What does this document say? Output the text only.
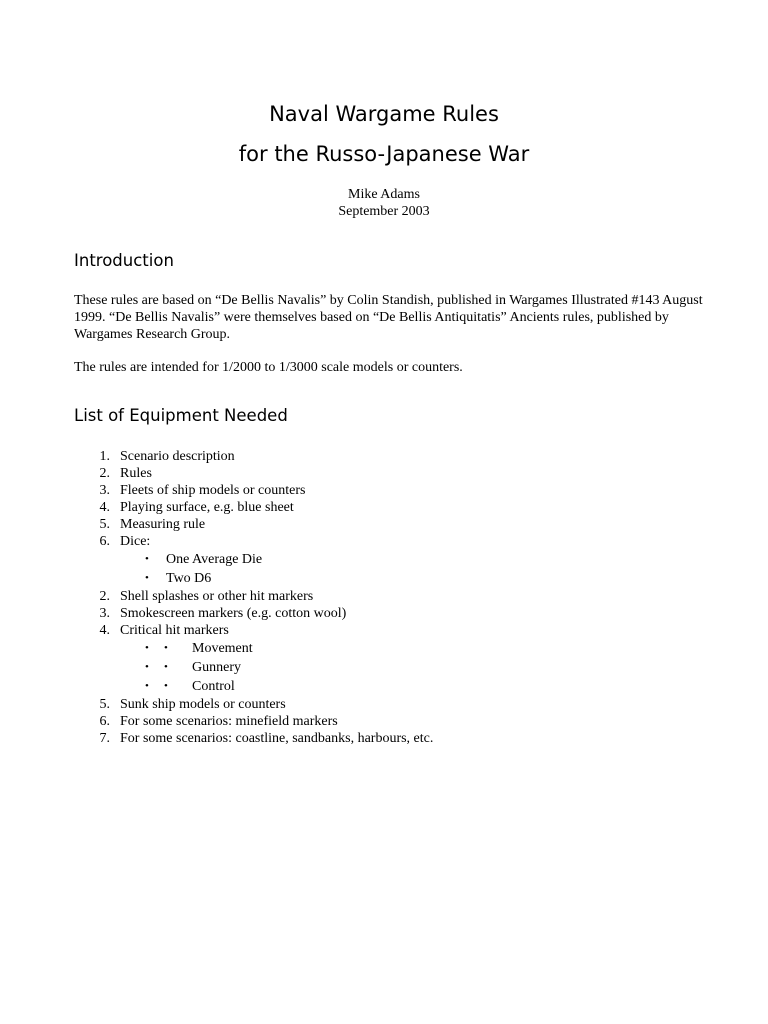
Naval Wargame Rules
for the Russo-Japanese War
Mike Adams
September 2003
Introduction
These rules are based on “De Bellis Navalis” by Colin Standish, published in Wargames Illustrated #143 August 1999. “De Bellis Navalis” were themselves based on “De Bellis Antiquitatis” Ancients rules, published by Wargames Research Group.
The rules are intended for 1/2000 to 1/3000 scale models or counters.
List of Equipment Needed
1. Scenario description
2. Rules
3. Fleets of ship models or counters
4. Playing surface, e.g. blue sheet
5. Measuring rule
6. Dice:
• One Average Die
• Two D6
2. Shell splashes or other hit markers
3. Smokescreen markers (e.g. cotton wool)
4. Critical hit markers
• • Movement
• • Gunnery
• • Control
5. Sunk ship models or counters
6. For some scenarios: minefield markers
7. For some scenarios: coastline, sandbanks, harbours, etc.
